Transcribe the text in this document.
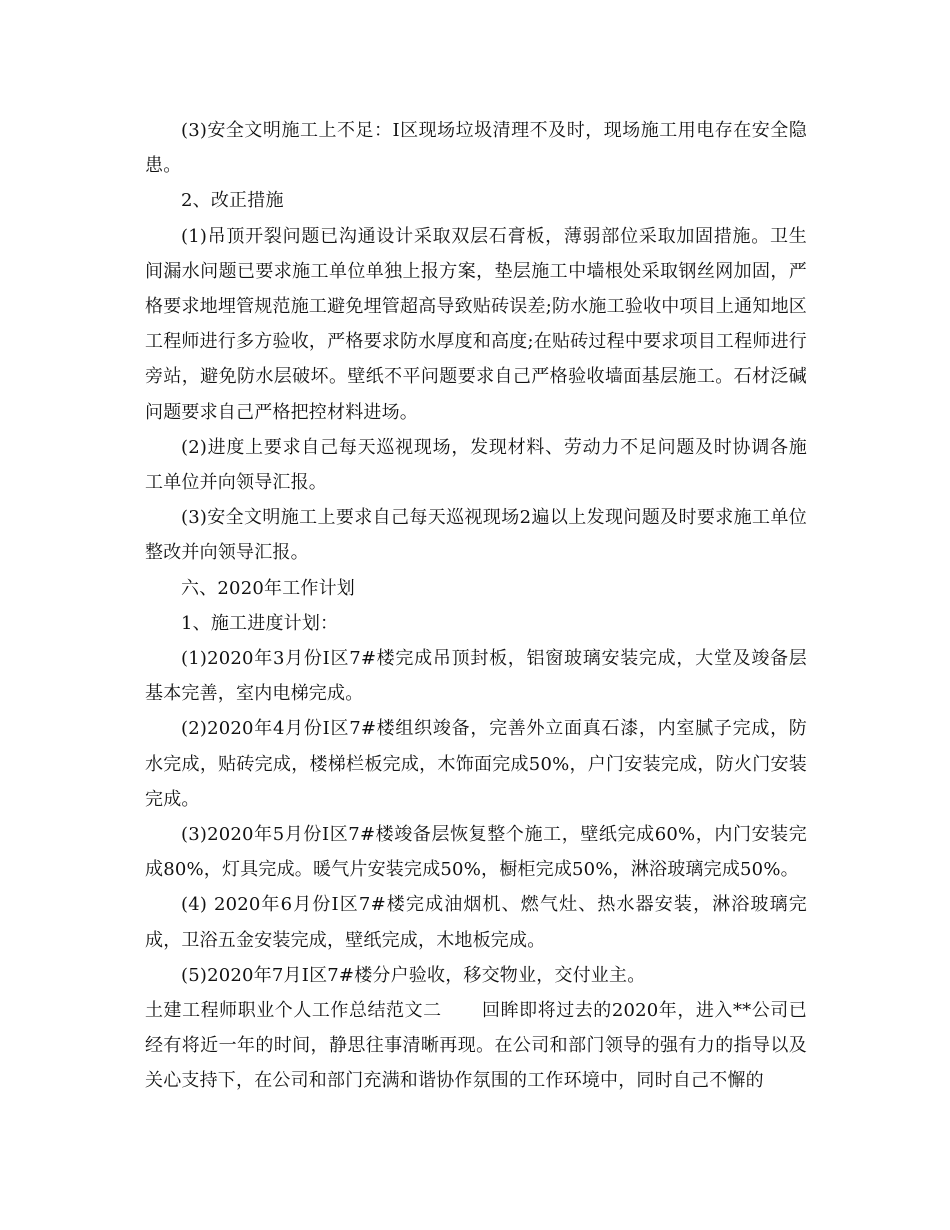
(3)安全文明施工上不足：I区现场垃圾清理不及时，现场施工用电存在安全隐患。

2、改正措施

(1)吊顶开裂问题已沟通设计采取双层石膏板，薄弱部位采取加固措施。卫生间漏水问题已要求施工单位单独上报方案，垫层施工中墙根处采取钢丝网加固，严格要求地埋管规范施工避免埋管超高导致贴砖误差;防水施工验收中项目上通知地区工程师进行多方验收，严格要求防水厚度和高度;在贴砖过程中要求项目工程师进行旁站，避免防水层破坏。壁纸不平问题要求自己严格验收墙面基层施工。石材泛碱问题要求自己严格把控材料进场。

(2)进度上要求自己每天巡视现场，发现材料、劳动力不足问题及时协调各施工单位并向领导汇报。

(3)安全文明施工上要求自己每天巡视现场2遍以上发现问题及时要求施工单位整改并向领导汇报。

六、2020年工作计划

1、施工进度计划：

(1)2020年3月份I区7#楼完成吊顶封板，铝窗玻璃安装完成，大堂及竣备层基本完善，室内电梯完成。

(2)2020年4月份I区7#楼组织竣备，完善外立面真石漆，内室腻子完成，防水完成，贴砖完成，楼梯栏板完成，木饰面完成50%，户门安装完成，防火门安装完成。

(3)2020年5月份I区7#楼竣备层恢复整个施工，壁纸完成60%，内门安装完成80%，灯具完成。暖气片安装完成50%，橱柜完成50%，淋浴玻璃完成50%。

(4) 2020年6月份I区7#楼完成油烟机、燃气灶、热水器安装，淋浴玻璃完成，卫浴五金安装完成，壁纸完成，木地板完成。

(5)2020年7月I区7#楼分户验收，移交物业，交付业主。

土建工程师职业个人工作总结范文二 回眸即将过去的2020年，进入**公司已经有将近一年的时间，静思往事清晰再现。在公司和部门领导的强有力的指导以及关心支持下，在公司和部门充满和谐协作氛围的工作环境中，同时自己不懈的
